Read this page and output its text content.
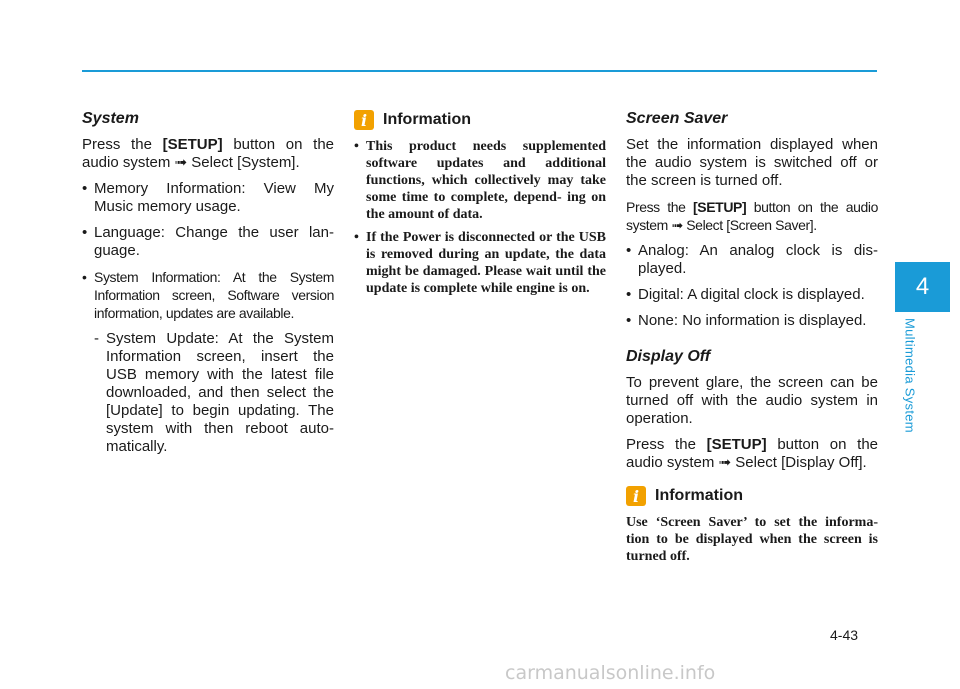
System

Press the [SETUP] button on the audio system ➟ Select [System].

• Memory Information: View My Music memory usage.
• Language: Change the user lan- guage.
• System Information: At the System Information screen, Software version information, updates are available.

- System Update: At the System Information screen, insert the USB memory with the latest file downloaded, and then select the [Update] to begin updating. The system with then reboot auto- matically.

i Information
• This product needs supplemented software updates and additional functions, which collectively may take some time to complete, depend- ing on the amount of data.
• If the Power is disconnected or the USB is removed during an update, the data might be damaged. Please wait until the update is complete while engine is on.
Screen Saver

Set the information displayed when the audio system is switched off or the screen is turned off.

Press the [SETUP] button on the audio system ➟ Select [Screen Saver].

• Analog: An analog clock is dis- played.
• Digital: A digital clock is displayed.
• None: No information is displayed.
Display Off

To prevent glare, the screen can be turned off with the audio system in operation.

Press the [SETUP] button on the audio system ➟ Select [Display Off].

i Information

Use ‘Screen Saver’ to set the informa- tion to be displayed when the screen is turned off.

4
Multimedia System
4-43
carmanualsonline.info
